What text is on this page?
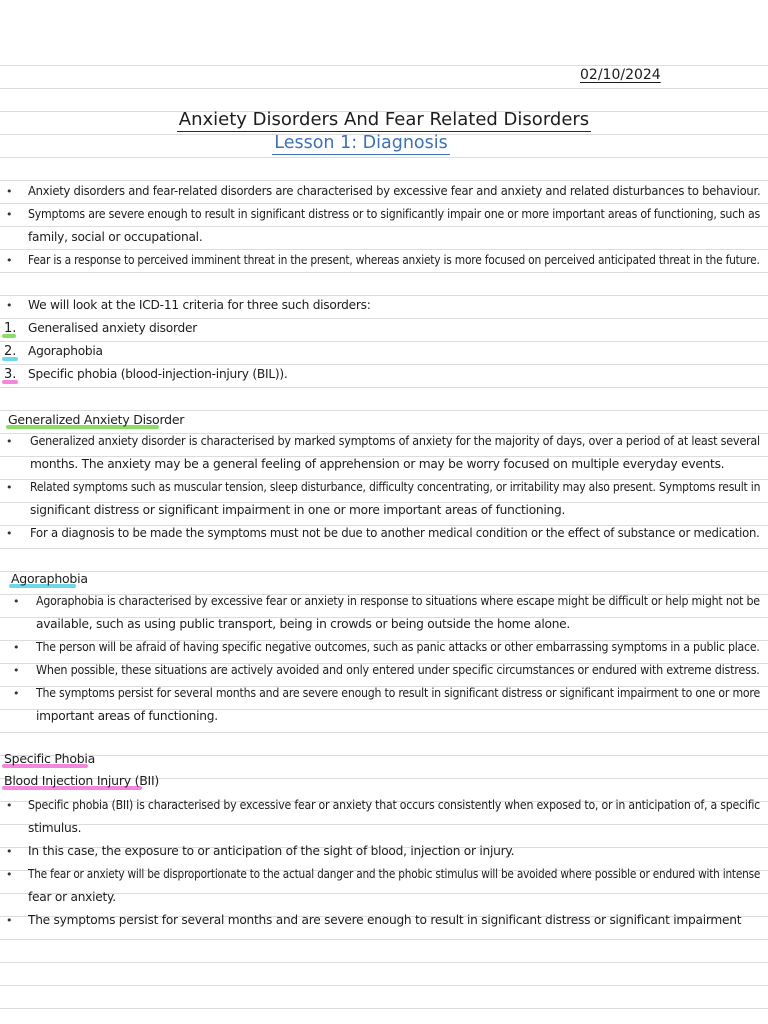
02/10/2024
Anxiety Disorders And Fear Related Disorders
Lesson 1: Diagnosis
• Anxiety disorders and fear-related disorders are characterised by excessive fear and anxiety and related disturbances to behaviour.
• Symptoms are severe enough to result in significant distress or to significantly impair one or more important areas of functioning, such as
family, social or occupational.
• Fear is a response to perceived imminent threat in the present, whereas anxiety is more focused on perceived anticipated threat in the future.
• We will look at the ICD-11 criteria for three such disorders:
1. Generalised anxiety disorder
2. Agoraphobia
3. Specific phobia (blood-injection-injury (BIL)).
Generalized Anxiety Disorder
• Generalized anxiety disorder is characterised by marked symptoms of anxiety for the majority of days, over a period of at least several
months. The anxiety may be a general feeling of apprehension or may be worry focused on multiple everyday events.
• Related symptoms such as muscular tension, sleep disturbance, difficulty concentrating, or irritability may also present. Symptoms result in
significant distress or significant impairment in one or more important areas of functioning.
• For a diagnosis to be made the symptoms must not be due to another medical condition or the effect of substance or medication.
Agoraphobia
• Agoraphobia is characterised by excessive fear or anxiety in response to situations where escape might be difficult or help might not be
available, such as using public transport, being in crowds or being outside the home alone.
• The person will be afraid of having specific negative outcomes, such as panic attacks or other embarrassing symptoms in a public place.
• When possible, these situations are actively avoided and only entered under specific circumstances or endured with extreme distress.
• The symptoms persist for several months and are severe enough to result in significant distress or significant impairment to one or more
important areas of functioning.
Specific Phobia
Blood Injection Injury (BII)
• Specific phobia (BII) is characterised by excessive fear or anxiety that occurs consistently when exposed to, or in anticipation of, a specific
stimulus.
• In this case, the exposure to or anticipation of the sight of blood, injection or injury.
• The fear or anxiety will be disproportionate to the actual danger and the phobic stimulus will be avoided where possible or endured with intense
fear or anxiety.
• The symptoms persist for several months and are severe enough to result in significant distress or significant impairment
